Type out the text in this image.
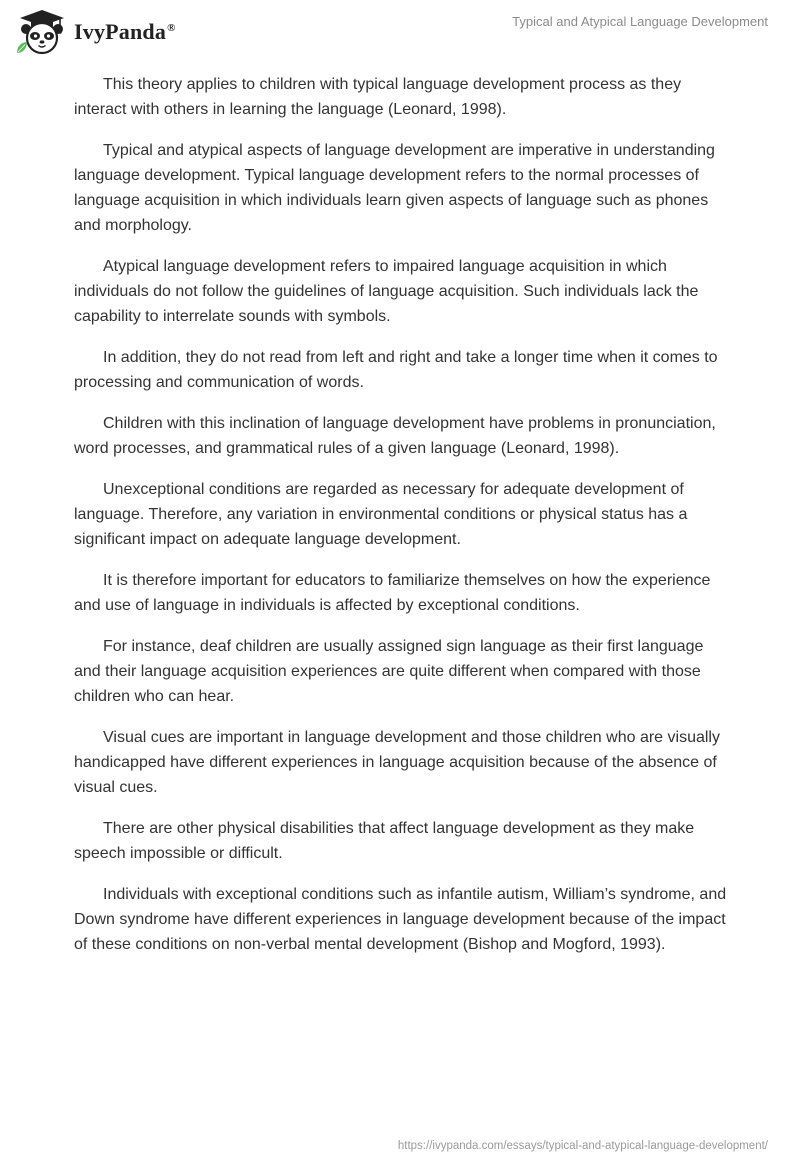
IvyPanda®	Typical and Atypical Language Development

This theory applies to children with typical language development process as they interact with others in learning the language (Leonard, 1998).

Typical and atypical aspects of language development are imperative in understanding language development. Typical language development refers to the normal processes of language acquisition in which individuals learn given aspects of language such as phones and morphology.

Atypical language development refers to impaired language acquisition in which individuals do not follow the guidelines of language acquisition. Such individuals lack the capability to interrelate sounds with symbols.

In addition, they do not read from left and right and take a longer time when it comes to processing and communication of words.

Children with this inclination of language development have problems in pronunciation, word processes, and grammatical rules of a given language (Leonard, 1998).

Unexceptional conditions are regarded as necessary for adequate development of language. Therefore, any variation in environmental conditions or physical status has a significant impact on adequate language development.

It is therefore important for educators to familiarize themselves on how the experience and use of language in individuals is affected by exceptional conditions.

For instance, deaf children are usually assigned sign language as their first language and their language acquisition experiences are quite different when compared with those children who can hear.

Visual cues are important in language development and those children who are visually handicapped have different experiences in language acquisition because of the absence of visual cues.

There are other physical disabilities that affect language development as they make speech impossible or difficult.

Individuals with exceptional conditions such as infantile autism, William’s syndrome, and Down syndrome have different experiences in language development because of the impact of these conditions on non-verbal mental development (Bishop and Mogford, 1993).

https://ivypanda.com/essays/typical-and-atypical-language-development/
